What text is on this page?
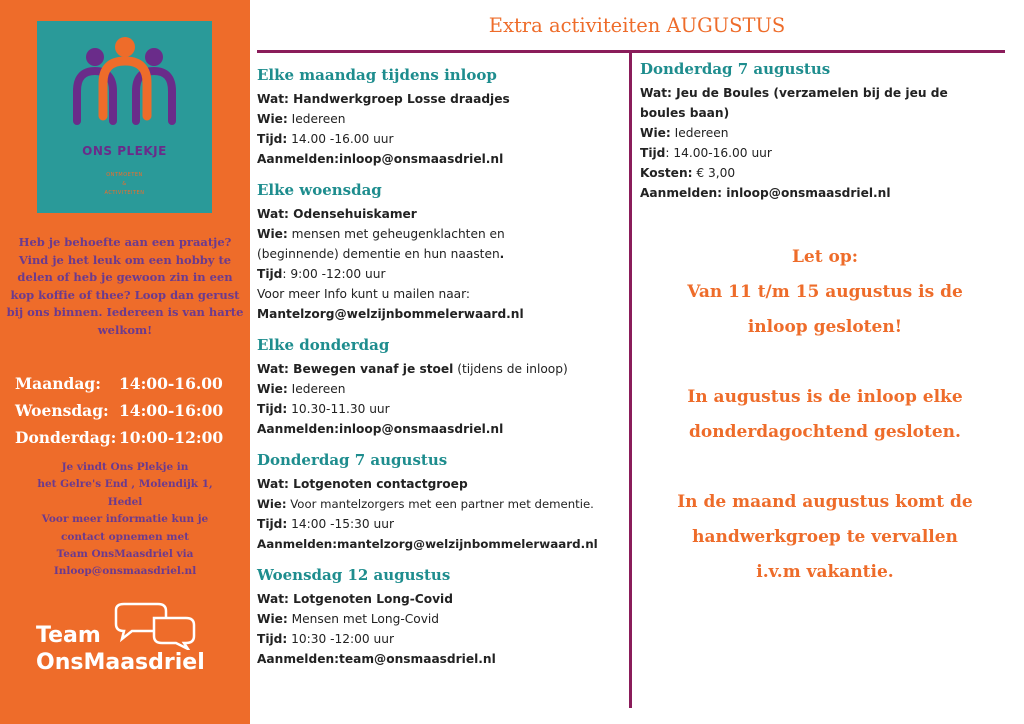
ONS PLEKJE
ONTMOETEN
&
ACTIVITEITEN
Heb je behoefte aan een praatje? Vind je het leuk om een hobby te delen of heb je gewoon zin in een kop koffie of thee? Loop dan gerust bij ons binnen. Iedereen is van harte welkom!
Maandag:	14:00-16.00
Woensdag: 14:00-16:00
Donderdag: 10:00-12:00
Je vindt Ons Plekje in
het Gelre's End , Molendijk 1,
Hedel
Voor meer informatie kun je
contact opnemen met
Team OnsMaasdriel via
Inloop@onsmaasdriel.nl
Team
OnsMaasdriel
Extra activiteiten AUGUSTUS
Elke maandag tijdens inloop
Wat: Handwerkgroep Losse draadjes
Wie: Iedereen
Tijd: 14.00 -16.00 uur
Aanmelden:inloop@onsmaasdriel.nl
Elke woensdag
Wat: Odensehuiskamer
Wie: mensen met geheugenklachten en
(beginnende) dementie en hun naasten.
Tijd: 9:00 -12:00 uur
Voor meer Info kunt u mailen naar:
Mantelzorg@welzijnbommelerwaard.nl
Elke donderdag
Wat: Bewegen vanaf je stoel (tijdens de inloop)
Wie: Iedereen
Tijd: 10.30-11.30 uur
Aanmelden:inloop@onsmaasdriel.nl
Donderdag 7 augustus
Wat: Lotgenoten contactgroep
Wie: Voor mantelzorgers met een partner met dementie.
Tijd: 14:00 -15:30 uur
Aanmelden:mantelzorg@welzijnbommelerwaard.nl
Woensdag 12 augustus
Wat: Lotgenoten Long-Covid
Wie: Mensen met Long-Covid
Tijd: 10:30 -12:00 uur
Aanmelden:team@onsmaasdriel.nl
Donderdag 7 augustus
Wat: Jeu de Boules (verzamelen bij de jeu de boules baan)
Wie: Iedereen
Tijd: 14.00-16.00 uur
Kosten: € 3,00
Aanmelden: inloop@onsmaasdriel.nl
Let op:
Van 11 t/m 15 augustus is de
inloop gesloten!
In augustus is de inloop elke
donderdagochtend gesloten.
In de maand augustus komt de
handwerkgroep te vervallen
i.v.m vakantie.
